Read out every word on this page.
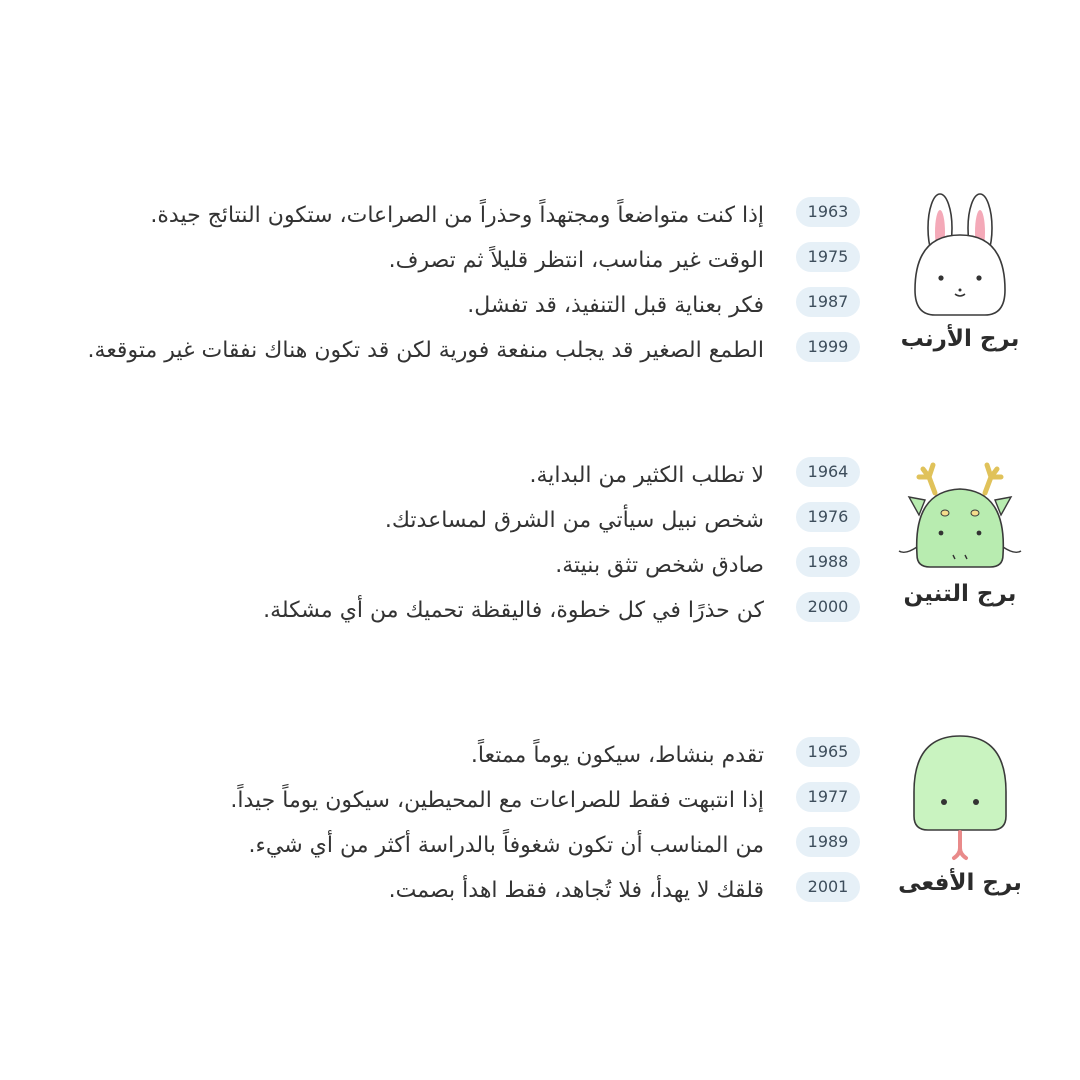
برج الأرنب
1963
إذا كنت متواضعاً ومجتهداً وحذراً من الصراعات، ستكون النتائج جيدة.
1975
الوقت غير مناسب، انتظر قليلاً ثم تصرف.
1987
فكر بعناية قبل التنفيذ، قد تفشل.
1999
الطمع الصغير قد يجلب منفعة فورية لكن قد تكون هناك نفقات غير متوقعة.
برج التنين
1964
لا تطلب الكثير من البداية.
1976
شخص نبيل سيأتي من الشرق لمساعدتك.
1988
صادق شخص تثق بنيتة.
2000
كن حذرًا في كل خطوة، فاليقظة تحميك من أي مشكلة.
برج الأفعى
1965
تقدم بنشاط، سيكون يوماً ممتعاً.
1977
إذا انتبهت فقط للصراعات مع المحيطين، سيكون يوماً جيداً.
1989
من المناسب أن تكون شغوفاً بالدراسة أكثر من أي شيء.
2001
قلقك لا يهدأ، فلا تُجاهد، فقط اهدأ بصمت.
